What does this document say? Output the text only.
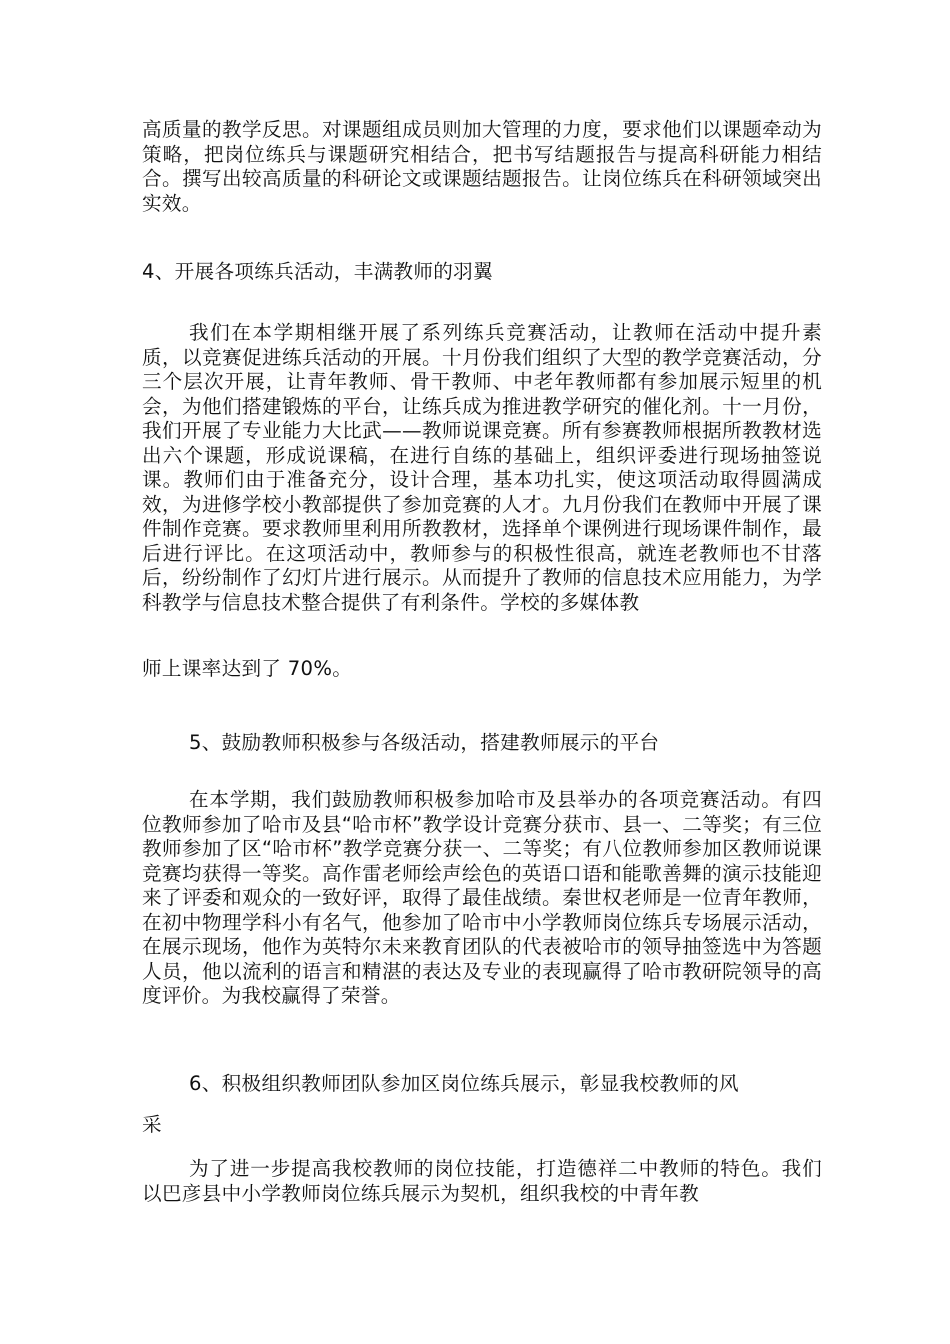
高质量的教学反思。对课题组成员则加大管理的力度，要求他们以课题牵动为策略，把岗位练兵与课题研究相结合，把书写结题报告与提高科研能力相结合。撰写出较高质量的科研论文或课题结题报告。让岗位练兵在科研领域突出实效。
4、开展各项练兵活动，丰满教师的羽翼
我们在本学期相继开展了系列练兵竞赛活动，让教师在活动中提升素质，以竞赛促进练兵活动的开展。十月份我们组织了大型的教学竞赛活动，分三个层次开展，让青年教师、骨干教师、中老年教师都有参加展示短里的机会，为他们搭建锻炼的平台，让练兵成为推进教学研究的催化剂。十一月份，我们开展了专业能力大比武——教师说课竞赛。所有参赛教师根据所教教材选出六个课题，形成说课稿，在进行自练的基础上，组织评委进行现场抽签说课。教师们由于准备充分，设计合理，基本功扎实，使这项活动取得圆满成效，为进修学校小教部提供了参加竞赛的人才。九月份我们在教师中开展了课件制作竞赛。要求教师里利用所教教材，选择单个课例进行现场课件制作，最后进行评比。在这项活动中，教师参与的积极性很高，就连老教师也不甘落后，纷纷制作了幻灯片进行展示。从而提升了教师的信息技术应用能力，为学科教学与信息技术整合提供了有利条件。学校的多媒体教
师上课率达到了 70%。
5、鼓励教师积极参与各级活动，搭建教师展示的平台
在本学期，我们鼓励教师积极参加哈市及县举办的各项竞赛活动。有四位教师参加了哈市及县“哈市杯”教学设计竞赛分获市、县一、二等奖；有三位教师参加了区“哈市杯”教学竞赛分获一、二等奖；有八位教师参加区教师说课竞赛均获得一等奖。高作雷老师绘声绘色的英语口语和能歌善舞的演示技能迎来了评委和观众的一致好评，取得了最佳战绩。秦世权老师是一位青年教师，在初中物理学科小有名气，他参加了哈市中小学教师岗位练兵专场展示活动，在展示现场，他作为英特尔未来教育团队的代表被哈市的领导抽签选中为答题人员，他以流利的语言和精湛的表达及专业的表现赢得了哈市教研院领导的高度评价。为我校赢得了荣誉。
6、积极组织教师团队参加区岗位练兵展示，彰显我校教师的风
采
为了进一步提高我校教师的岗位技能，打造德祥二中教师的特色。我们以巴彦县中小学教师岗位练兵展示为契机，组织我校的中青年教
